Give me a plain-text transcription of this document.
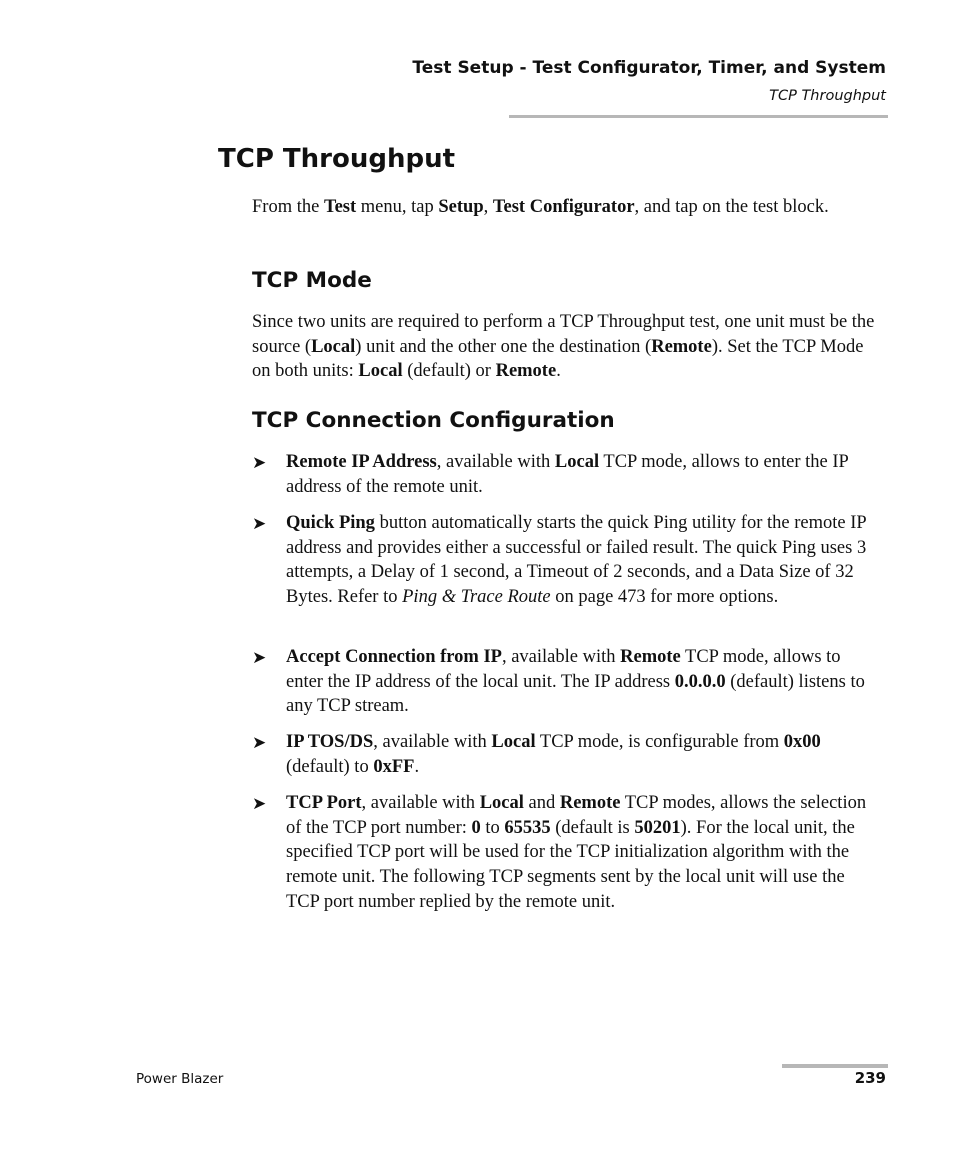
Test Setup - Test Configurator, Timer, and System
TCP Throughput
TCP Throughput

From the Test menu, tap Setup, Test Configurator, and tap on the test block.

TCP Mode

Since two units are required to perform a TCP Throughput test, one unit must be the source (Local) unit and the other one the destination (Remote). Set the TCP Mode on both units: Local (default) or Remote.

TCP Connection Configuration
➤ Remote IP Address, available with Local TCP mode, allows to enter the IP address of the remote unit.
➤ Quick Ping button automatically starts the quick Ping utility for the remote IP address and provides either a successful or failed result. The quick Ping uses 3 attempts, a Delay of 1 second, a Timeout of 2 seconds, and a Data Size of 32 Bytes. Refer to Ping & Trace Route on page 473 for more options.
➤ Accept Connection from IP, available with Remote TCP mode, allows to enter the IP address of the local unit. The IP address 0.0.0.0 (default) listens to any TCP stream.
➤ IP TOS/DS, available with Local TCP mode, is configurable from 0x00 (default) to 0xFF.
➤ TCP Port, available with Local and Remote TCP modes, allows the selection of the TCP port number: 0 to 65535 (default is 50201). For the local unit, the specified TCP port will be used for the TCP initialization algorithm with the remote unit. The following TCP segments sent by the local unit will use the TCP port number replied by the remote unit.
Power Blazer	239
